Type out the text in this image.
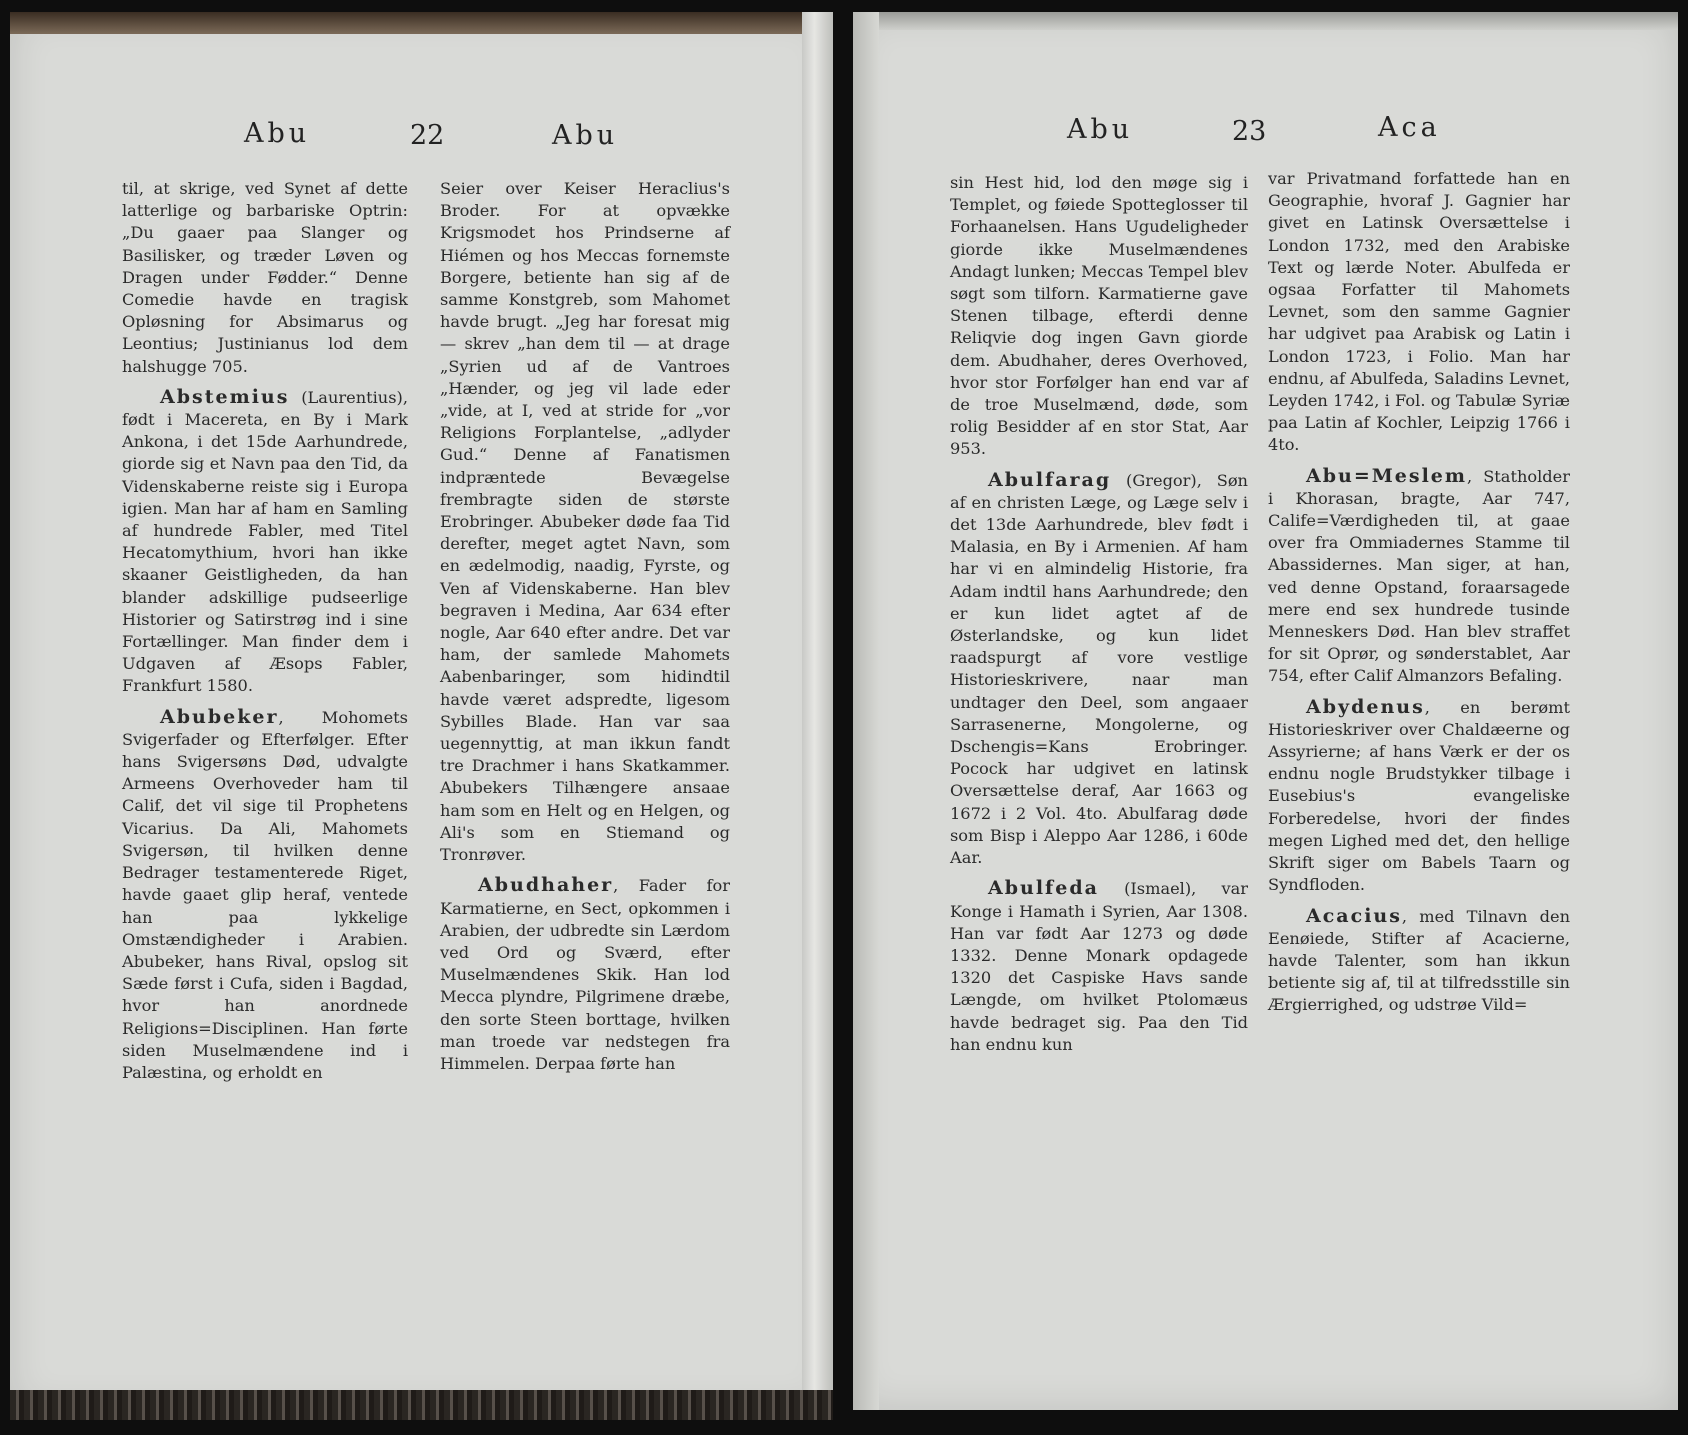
Abu	22	Abu

til, at skrige, ved Synet af dette latterlige og barbariske Optrin: „Du gaaer paa Slanger og Basilisker, og træder Løven og Dragen under Fødder.“ Denne Comedie havde en tragisk Opløsning for Absimarus og Leontius; Justinianus lod dem halshugge 705.

Abstemius (Laurentius), født i Macereta, en By i Mark Ankona, i det 15de Aarhundrede, giorde sig et Navn paa den Tid, da Videnskaberne reiste sig i Europa igien. Man har af ham en Samling af hundrede Fabler, med Titel Hecatomythium, hvori han ikke skaaner Geistligheden, da han blander adskillige pudseerlige Historier og Satirstrøg ind i sine Fortællinger. Man finder dem i Udgaven af Æsops Fabler, Frankfurt 1580.

Abubeker, Mohomets Svigerfader og Efterfølger. Efter hans Svigersøns Død, udvalgte Armeens Overhoveder ham til Calif, det vil sige til Prophetens Vicarius. Da Ali, Mahomets Svigersøn, til hvilken denne Bedrager testamenterede Riget, havde gaaet glip heraf, ventede han paa lykkelige Omstændigheder i Arabien. Abubeker, hans Rival, opslog sit Sæde først i Cufa, siden i Bagdad, hvor han anordnede Religions=Disciplinen. Han førte siden Muselmændene ind i Palæstina, og erholdt en

Seier over Keiser Heraclius's Broder. For at opvække Krigsmodet hos Prindserne af Hiémen og hos Meccas fornemste Borgere, betiente han sig af de samme Konstgreb, som Mahomet havde brugt. „Jeg har foresat mig — skrev „han dem til — at drage „Syrien ud af de Vantroes „Hænder, og jeg vil lade eder „vide, at I, ved at stride for „vor Religions Forplantelse, „adlyder Gud.“ Denne af Fanatismen indpræntede Bevægelse frembragte siden de største Erobringer. Abubeker døde faa Tid derefter, meget agtet Navn, som en ædelmodig, naadig, Fyrste, og Ven af Videnskaberne. Han blev begraven i Medina, Aar 634 efter nogle, Aar 640 efter andre. Det var ham, der samlede Mahomets Aabenbaringer, som hidindtil havde været adspredte, ligesom Sybilles Blade. Han var saa uegennyttig, at man ikkun fandt tre Drachmer i hans Skatkammer. Abubekers Tilhængere ansaae ham som en Helt og en Helgen, og Ali's som en Stiemand og Tronrøver.

Abudhaher, Fader for Karmatierne, en Sect, opkommen i Arabien, der udbredte sin Lærdom ved Ord og Sværd, efter Muselmændenes Skik. Han lod Mecca plyndre, Pilgrimene dræbe, den sorte Steen borttage, hvilken man troede var nedstegen fra Himmelen. Derpaa førte han

Abu	23	Aca

sin Hest hid, lod den møge sig i Templet, og føiede Spotteglosser til Forhaanelsen. Hans Ugudeligheder giorde ikke Muselmændenes Andagt lunken; Meccas Tempel blev søgt som tilforn. Karmatierne gave Stenen tilbage, efterdi denne Reliqvie dog ingen Gavn giorde dem. Abudhaher, deres Overhoved, hvor stor Forfølger han end var af de troe Muselmænd, døde, som rolig Besidder af en stor Stat, Aar 953.

Abulfarag (Gregor), Søn af en christen Læge, og Læge selv i det 13de Aarhundrede, blev født i Malasia, en By i Armenien. Af ham har vi en almindelig Historie, fra Adam indtil hans Aarhundrede; den er kun lidet agtet af de Østerlandske, og kun lidet raadspurgt af vore vestlige Historieskrivere, naar man undtager den Deel, som angaaer Sarrasenerne, Mongolerne, og Dschengis=Kans Erobringer. Pocock har udgivet en latinsk Oversættelse deraf, Aar 1663 og 1672 i 2 Vol. 4to. Abulfarag døde som Bisp i Aleppo Aar 1286, i 60de Aar.

Abulfeda (Ismael), var Konge i Hamath i Syrien, Aar 1308. Han var født Aar 1273 og døde 1332. Denne Monark opdagede 1320 det Caspiske Havs sande Længde, om hvilket Ptolomæus havde bedraget sig. Paa den Tid han endnu kun

var Privatmand forfattede han en Geographie, hvoraf J. Gagnier har givet en Latinsk Oversættelse i London 1732, med den Arabiske Text og lærde Noter. Abulfeda er ogsaa Forfatter til Mahomets Levnet, som den samme Gagnier har udgivet paa Arabisk og Latin i London 1723, i Folio. Man har endnu, af Abulfeda, Saladins Levnet, Leyden 1742, i Fol. og Tabulæ Syriæ paa Latin af Kochler, Leipzig 1766 i 4to.

Abu=Meslem, Statholder i Khorasan, bragte, Aar 747, Calife=Værdigheden til, at gaae over fra Ommiadernes Stamme til Abassidernes. Man siger, at han, ved denne Opstand, foraarsagede mere end sex hundrede tusinde Menneskers Død. Han blev straffet for sit Oprør, og sønderstablet, Aar 754, efter Calif Almanzors Befaling.

Abydenus, en berømt Historieskriver over Chaldæerne og Assyrierne; af hans Værk er der os endnu nogle Brudstykker tilbage i Eusebius's evangeliske Forberedelse, hvori der findes megen Lighed med det, den hellige Skrift siger om Babels Taarn og Syndfloden.

Acacius, med Tilnavn den Eenøiede, Stifter af Acacierne, havde Talenter, som han ikkun betiente sig af, til at tilfredsstille sin Ærgierrighed, og udstrøe Vild=
